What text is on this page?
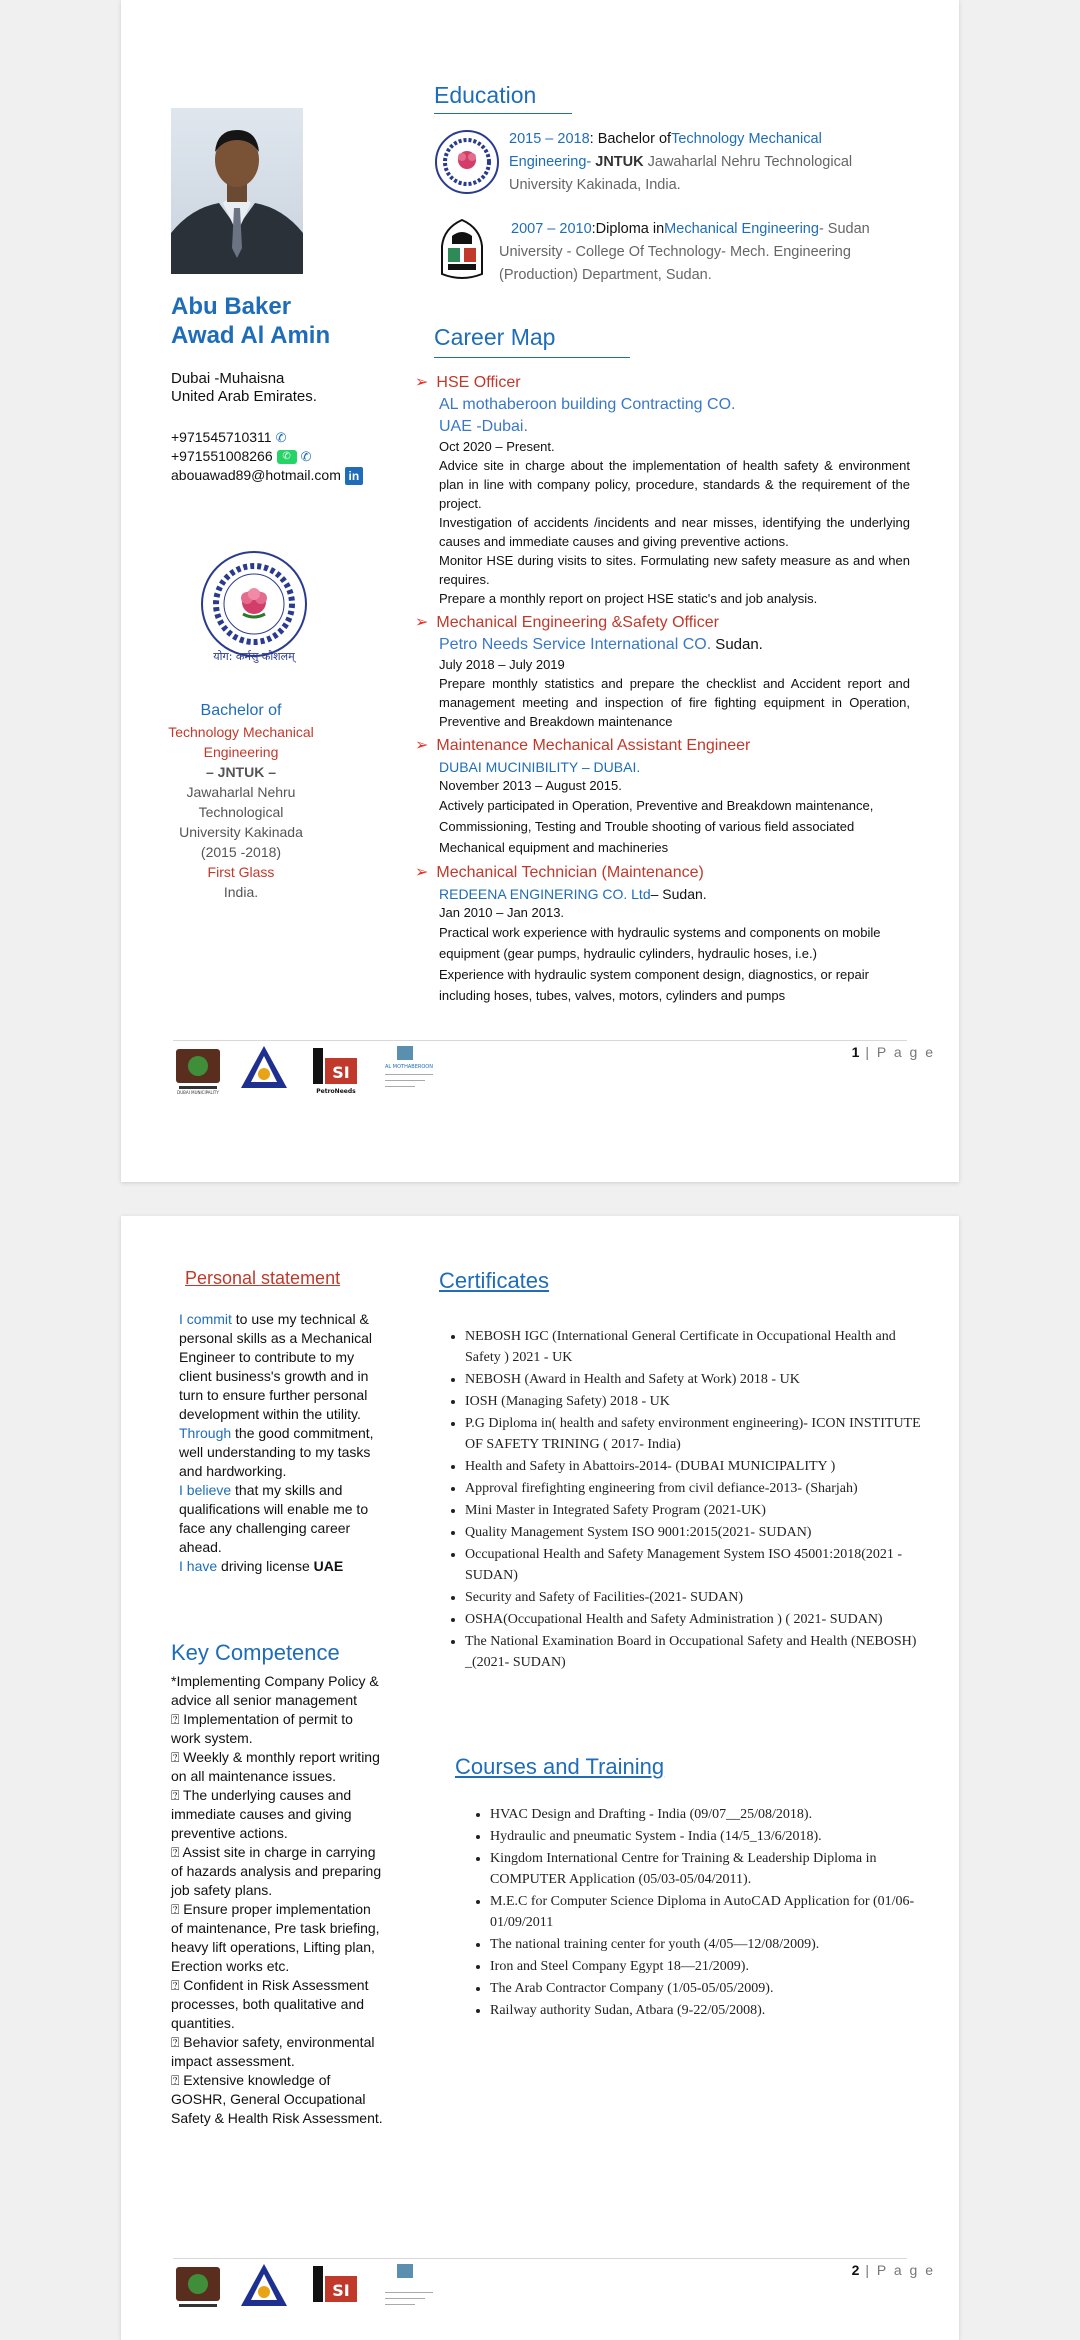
Abu Baker
Awad Al Amin
Dubai -Muhaisna
United Arab Emirates.
+971545710311 ✆
+971551008266 ✆ ✆
abouawad89@hotmail.com in
योग: कर्मसु कौशलम्
Bachelor of
Technology Mechanical
Engineering
– JNTUK –
Jawaharlal Nehru
Technological
University Kakinada
(2015 -2018)
First Glass
India.
Education
2015 – 2018: Bachelor ofTechnology Mechanical Engineering- JNTUK Jawaharlal Nehru Technological University Kakinada, India.
2007 – 2010:Diploma inMechanical Engineering- Sudan University - College Of Technology- Mech. Engineering (Production) Department, Sudan.
Career Map
➢ HSE Officer
AL mothaberoon building Contracting CO.
UAE -Dubai.
Oct 2020 – Present.
Advice site in charge about the implementation of health safety & environment plan in line with company policy, procedure, standards & the requirement of the project.
Investigation of accidents /incidents and near misses, identifying the underlying causes and immediate causes and giving preventive actions.
Monitor HSE during visits to sites. Formulating new safety measure as and when requires.
Prepare a monthly report on project HSE static's and job analysis.
➢ Mechanical Engineering &Safety Officer
Petro Needs Service International CO. Sudan.
July 2018 – July 2019
Prepare monthly statistics and prepare the checklist and Accident report and management meeting and inspection of fire fighting equipment in Operation, Preventive and Breakdown maintenance
➢ Maintenance Mechanical Assistant Engineer
DUBAI MUCINIBILITY – DUBAI.
November 2013 – August 2015.
Actively participated in Operation, Preventive and Breakdown maintenance, Commissioning, Testing and Trouble shooting of various field associated Mechanical equipment and machineries
➢ Mechanical Technician (Maintenance)
REDEENA ENGINERING CO. Ltd– Sudan.
Jan 2010 – Jan 2013.
Practical work experience with hydraulic systems and components on mobile equipment (gear pumps, hydraulic cylinders, hydraulic hoses, i.e.)
Experience with hydraulic system component design, diagnostics, or repair including hoses, tubes, valves, motors, cylinders and pumps
DUBAI MUNICIPALITY
SI
PetroNeeds
AL MOTHABEROON
1 | P a g e
Personal statement
I commit to use my technical & personal skills as a Mechanical Engineer to contribute to my client business's growth and in turn to ensure further personal development within the utility.
Through the good commitment, well understanding to my tasks and hardworking.
I believe that my skills and qualifications will enable me to face any challenging career ahead.
I have driving license UAE
Key Competence
*Implementing Company Policy & advice all senior management
⍰ Implementation of permit to work system.
⍰ Weekly & monthly report writing on all maintenance issues.
⍰ The underlying causes and immediate causes and giving preventive actions.
⍰ Assist site in charge in carrying of hazards analysis and preparing job safety plans.
⍰ Ensure proper implementation of maintenance, Pre task briefing, heavy lift operations, Lifting plan, Erection works etc.
⍰ Confident in Risk Assessment processes, both qualitative and quantities.
⍰ Behavior safety, environmental impact assessment.
⍰ Extensive knowledge of GOSHR, General Occupational Safety & Health Risk Assessment.
Certificates
• NEBOSH IGC (International General Certificate in Occupational Health and Safety ) 2021 - UK
• NEBOSH (Award in Health and Safety at Work) 2018 - UK
• IOSH (Managing Safety) 2018 - UK
• P.G Diploma in( health and safety environment engineering)- ICON INSTITUTE OF SAFETY TRINING ( 2017- India)
• Health and Safety in Abattoirs-2014- (DUBAI MUNICIPALITY )
• Approval firefighting engineering from civil defiance-2013- (Sharjah)
• Mini Master in Integrated Safety Program (2021-UK)
• Quality Management System ISO 9001:2015(2021- SUDAN)
• Occupational Health and Safety Management System ISO 45001:2018(2021 - SUDAN)
• Security and Safety of Facilities-(2021- SUDAN)
• OSHA(Occupational Health and Safety Administration ) ( 2021- SUDAN)
• The National Examination Board in Occupational Safety and Health (NEBOSH) _(2021- SUDAN)
Courses and Training
• HVAC Design and Drafting - India (09/07__25/08/2018).
• Hydraulic and pneumatic System - India (14/5_13/6/2018).
• Kingdom International Centre for Training & Leadership Diploma in COMPUTER Application (05/03-05/04/2011).
• M.E.C for Computer Science Diploma in AutoCAD Application for (01/06-01/09/2011
• The national training center for youth (4/05—12/08/2009).
• Iron and Steel Company Egypt 18—21/2009).
• The Arab Contractor Company (1/05-05/05/2009).
• Railway authority Sudan, Atbara (9-22/05/2008).
SI
2 | P a g e
